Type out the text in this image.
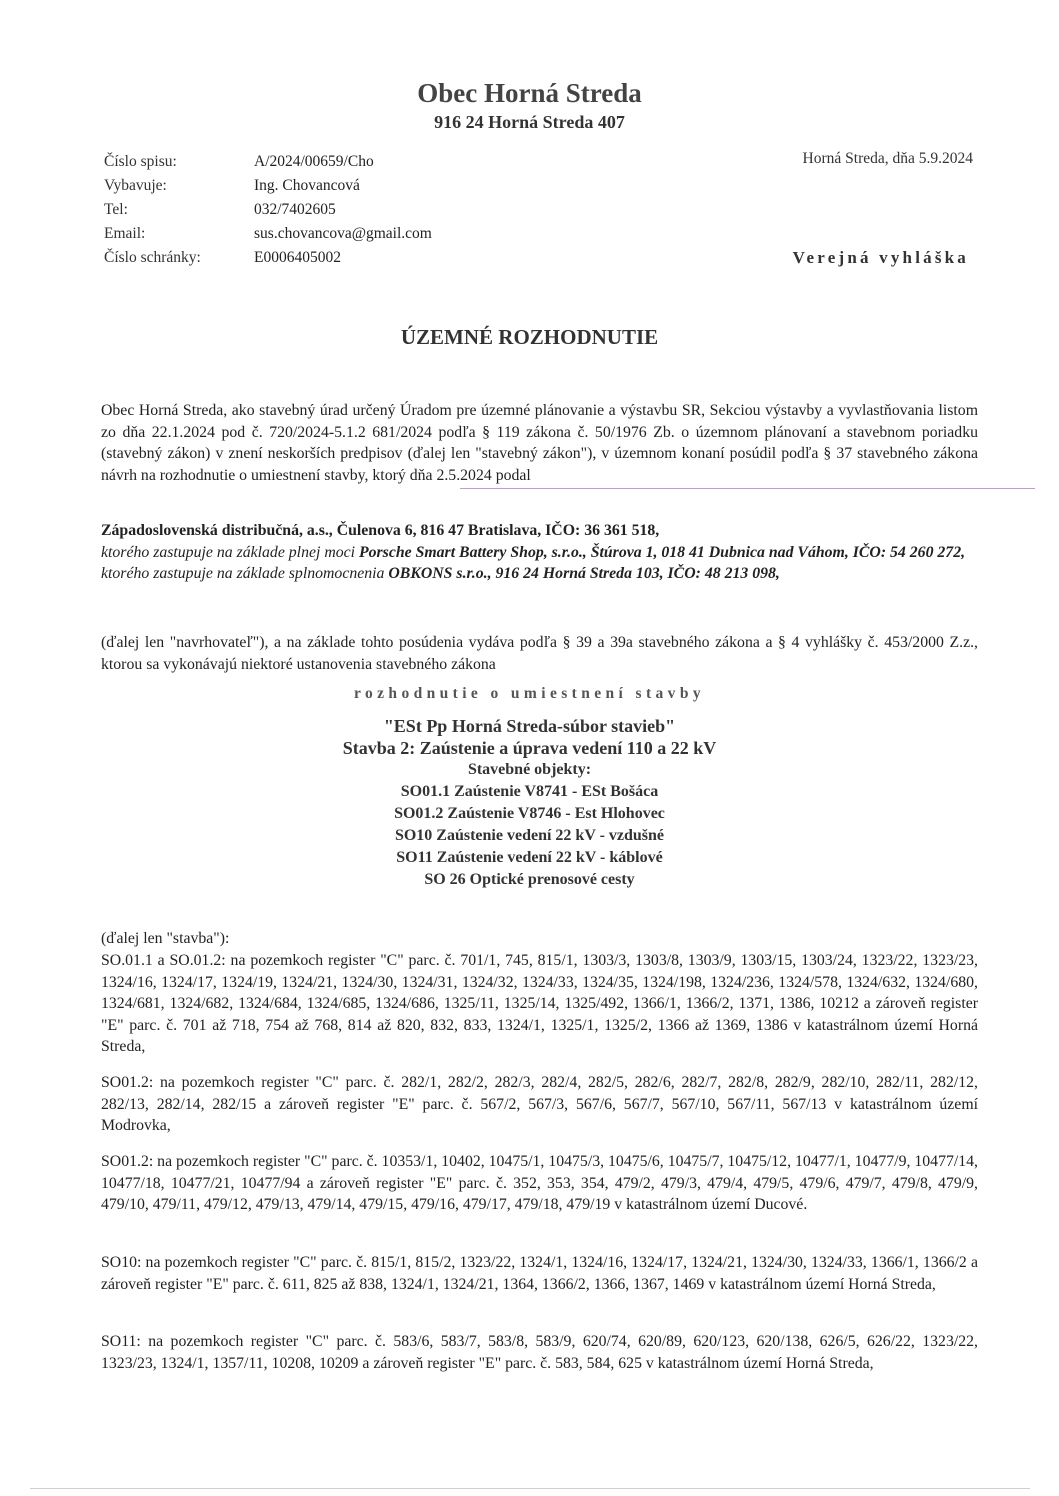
Obec Horná Streda
916 24 Horná Streda 407
Číslo spisu:	A/2024/00659/Cho
Vybavuje:	Ing. Chovancová
Tel:	032/7402605
Email:	sus.chovancova@gmail.com
Číslo schránky:	E0006405002
Horná Streda, dňa 5.9.2024
Verejná vyhláška
ÚZEMNÉ ROZHODNUTIE

Obec Horná Streda, ako stavebný úrad určený Úradom pre územné plánovanie a výstavbu SR, Sekciou výstavby a vyvlastňovania listom zo dňa 22.1.2024 pod č. 720/2024-5.1.2 681/2024 podľa § 119 zákona č. 50/1976 Zb. o územnom plánovaní a stavebnom poriadku (stavebný zákon) v znení neskorších predpisov (ďalej len "stavebný zákon"), v územnom konaní posúdil podľa § 37 stavebného zákona návrh na rozhodnutie o umiestnení stavby, ktorý dňa 2.5.2024 podal

Západoslovenská distribučná, a.s., Čulenova 6, 816 47 Bratislava, IČO: 36 361 518,
ktorého zastupuje na základe plnej moci Porsche Smart Battery Shop, s.r.o., Štúrova 1, 018 41 Dubnica nad Váhom, IČO: 54 260 272,
ktorého zastupuje na základe splnomocnenia OBKONS s.r.o., 916 24 Horná Streda 103, IČO: 48 213 098,

(ďalej len "navrhovateľ"), a na základe tohto posúdenia vydáva podľa § 39 a 39a stavebného zákona a § 4 vyhlášky č. 453/2000 Z.z., ktorou sa vykonávajú niektoré ustanovenia stavebného zákona

rozhodnutie o umiestnení stavby
"ESt Pp Horná Streda-súbor stavieb"
Stavba 2: Zaústenie a úprava vedení 110 a 22 kV
Stavebné objekty:
SO01.1 Zaústenie V8741 - ESt Bošáca
SO01.2 Zaústenie V8746 - Est Hlohovec
SO10 Zaústenie vedení 22 kV - vzdušné
SO11 Zaústenie vedení 22 kV - káblové
SO 26 Optické prenosové cesty
(ďalej len "stavba"):

SO.01.1 a SO.01.2: na pozemkoch register "C" parc. č. 701/1, 745, 815/1, 1303/3, 1303/8, 1303/9, 1303/15, 1303/24, 1323/22, 1323/23, 1324/16, 1324/17, 1324/19, 1324/21, 1324/30, 1324/31, 1324/32, 1324/33, 1324/35, 1324/198, 1324/236, 1324/578, 1324/632, 1324/680, 1324/681, 1324/682, 1324/684, 1324/685, 1324/686, 1325/11, 1325/14, 1325/492, 1366/1, 1366/2, 1371, 1386, 10212 a zároveň register "E" parc. č. 701 až 718, 754 až 768, 814 až 820, 832, 833, 1324/1, 1325/1, 1325/2, 1366 až 1369, 1386 v katastrálnom území Horná Streda,

SO01.2: na pozemkoch register "C" parc. č. 282/1, 282/2, 282/3, 282/4, 282/5, 282/6, 282/7, 282/8, 282/9, 282/10, 282/11, 282/12, 282/13, 282/14, 282/15 a zároveň register "E" parc. č. 567/2, 567/3, 567/6, 567/7, 567/10, 567/11, 567/13 v katastrálnom území Modrovka,

SO01.2: na pozemkoch register "C" parc. č. 10353/1, 10402, 10475/1, 10475/3, 10475/6, 10475/7, 10475/12, 10477/1, 10477/9, 10477/14, 10477/18, 10477/21, 10477/94 a zároveň register "E" parc. č. 352, 353, 354, 479/2, 479/3, 479/4, 479/5, 479/6, 479/7, 479/8, 479/9, 479/10, 479/11, 479/12, 479/13, 479/14, 479/15, 479/16, 479/17, 479/18, 479/19 v katastrálnom území Ducové.

SO10: na pozemkoch register "C" parc. č. 815/1, 815/2, 1323/22, 1324/1, 1324/16, 1324/17, 1324/21, 1324/30, 1324/33, 1366/1, 1366/2 a zároveň register "E" parc. č. 611, 825 až 838, 1324/1, 1324/21, 1364, 1366/2, 1366, 1367, 1469 v katastrálnom území Horná Streda,

SO11: na pozemkoch register "C" parc. č. 583/6, 583/7, 583/8, 583/9, 620/74, 620/89, 620/123, 620/138, 626/5, 626/22, 1323/22, 1323/23, 1324/1, 1357/11, 10208, 10209 a zároveň register "E" parc. č. 583, 584, 625 v katastrálnom území Horná Streda,
